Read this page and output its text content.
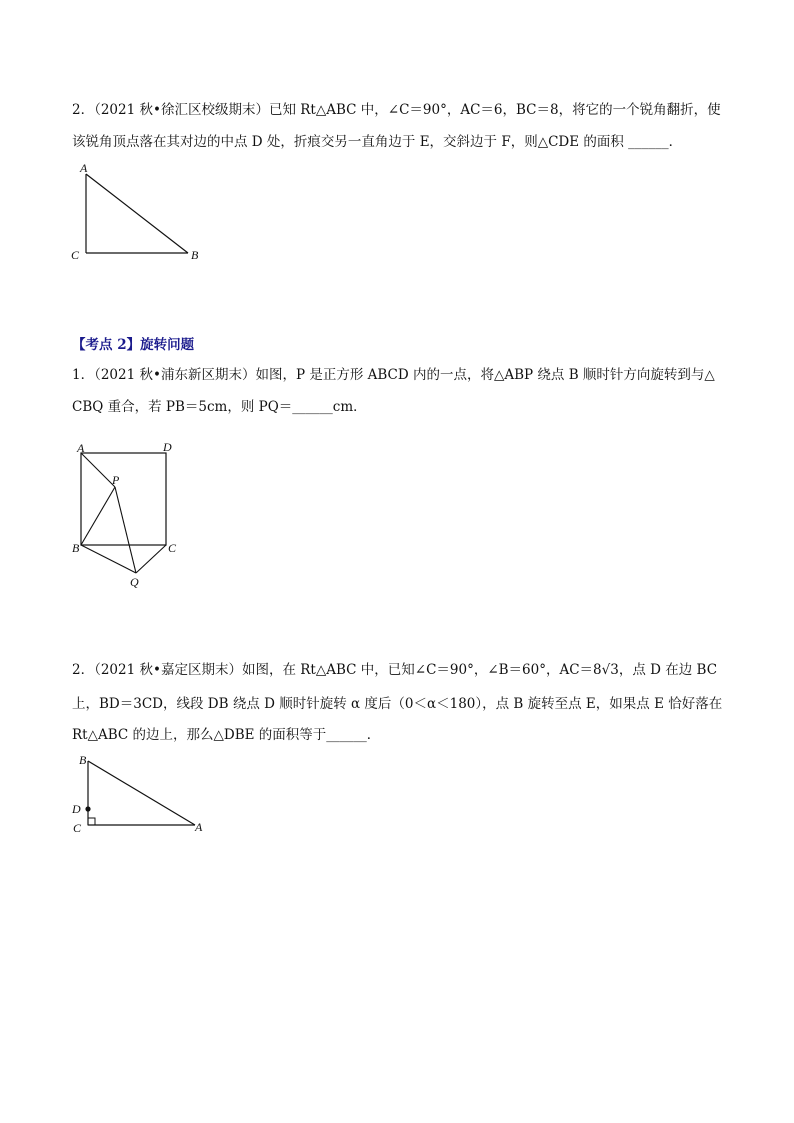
2．（2021 秋•徐汇区校级期末）已知 Rt△ABC 中，∠C＝90°，AC＝6，BC＝8，将它的一个锐角翻折，使
该锐角顶点落在其对边的中点 D 处，折痕交另一直角边于 E，交斜边于 F，则△CDE 的面积 ______．
A
C	B
【考点 2】旋转问题
1．（2021 秋•浦东新区期末）如图，P 是正方形 ABCD 内的一点，将△ABP 绕点 B 顺时针方向旋转到与△
CBQ 重合，若 PB＝5cm，则 PQ＝______cm．
A	D
P
B	C
Q
2．（2021 秋•嘉定区期末）如图，在 Rt△ABC 中，已知∠C＝90°，∠B＝60°，AC＝8√3，点 D 在边 BC
上，BD＝3CD，线段 DB 绕点 D 顺时针旋转 α 度后（0＜α＜180），点 B 旋转至点 E，如果点 E 恰好落在
Rt△ABC 的边上，那么△DBE 的面积等于______．
B
D
C	A
